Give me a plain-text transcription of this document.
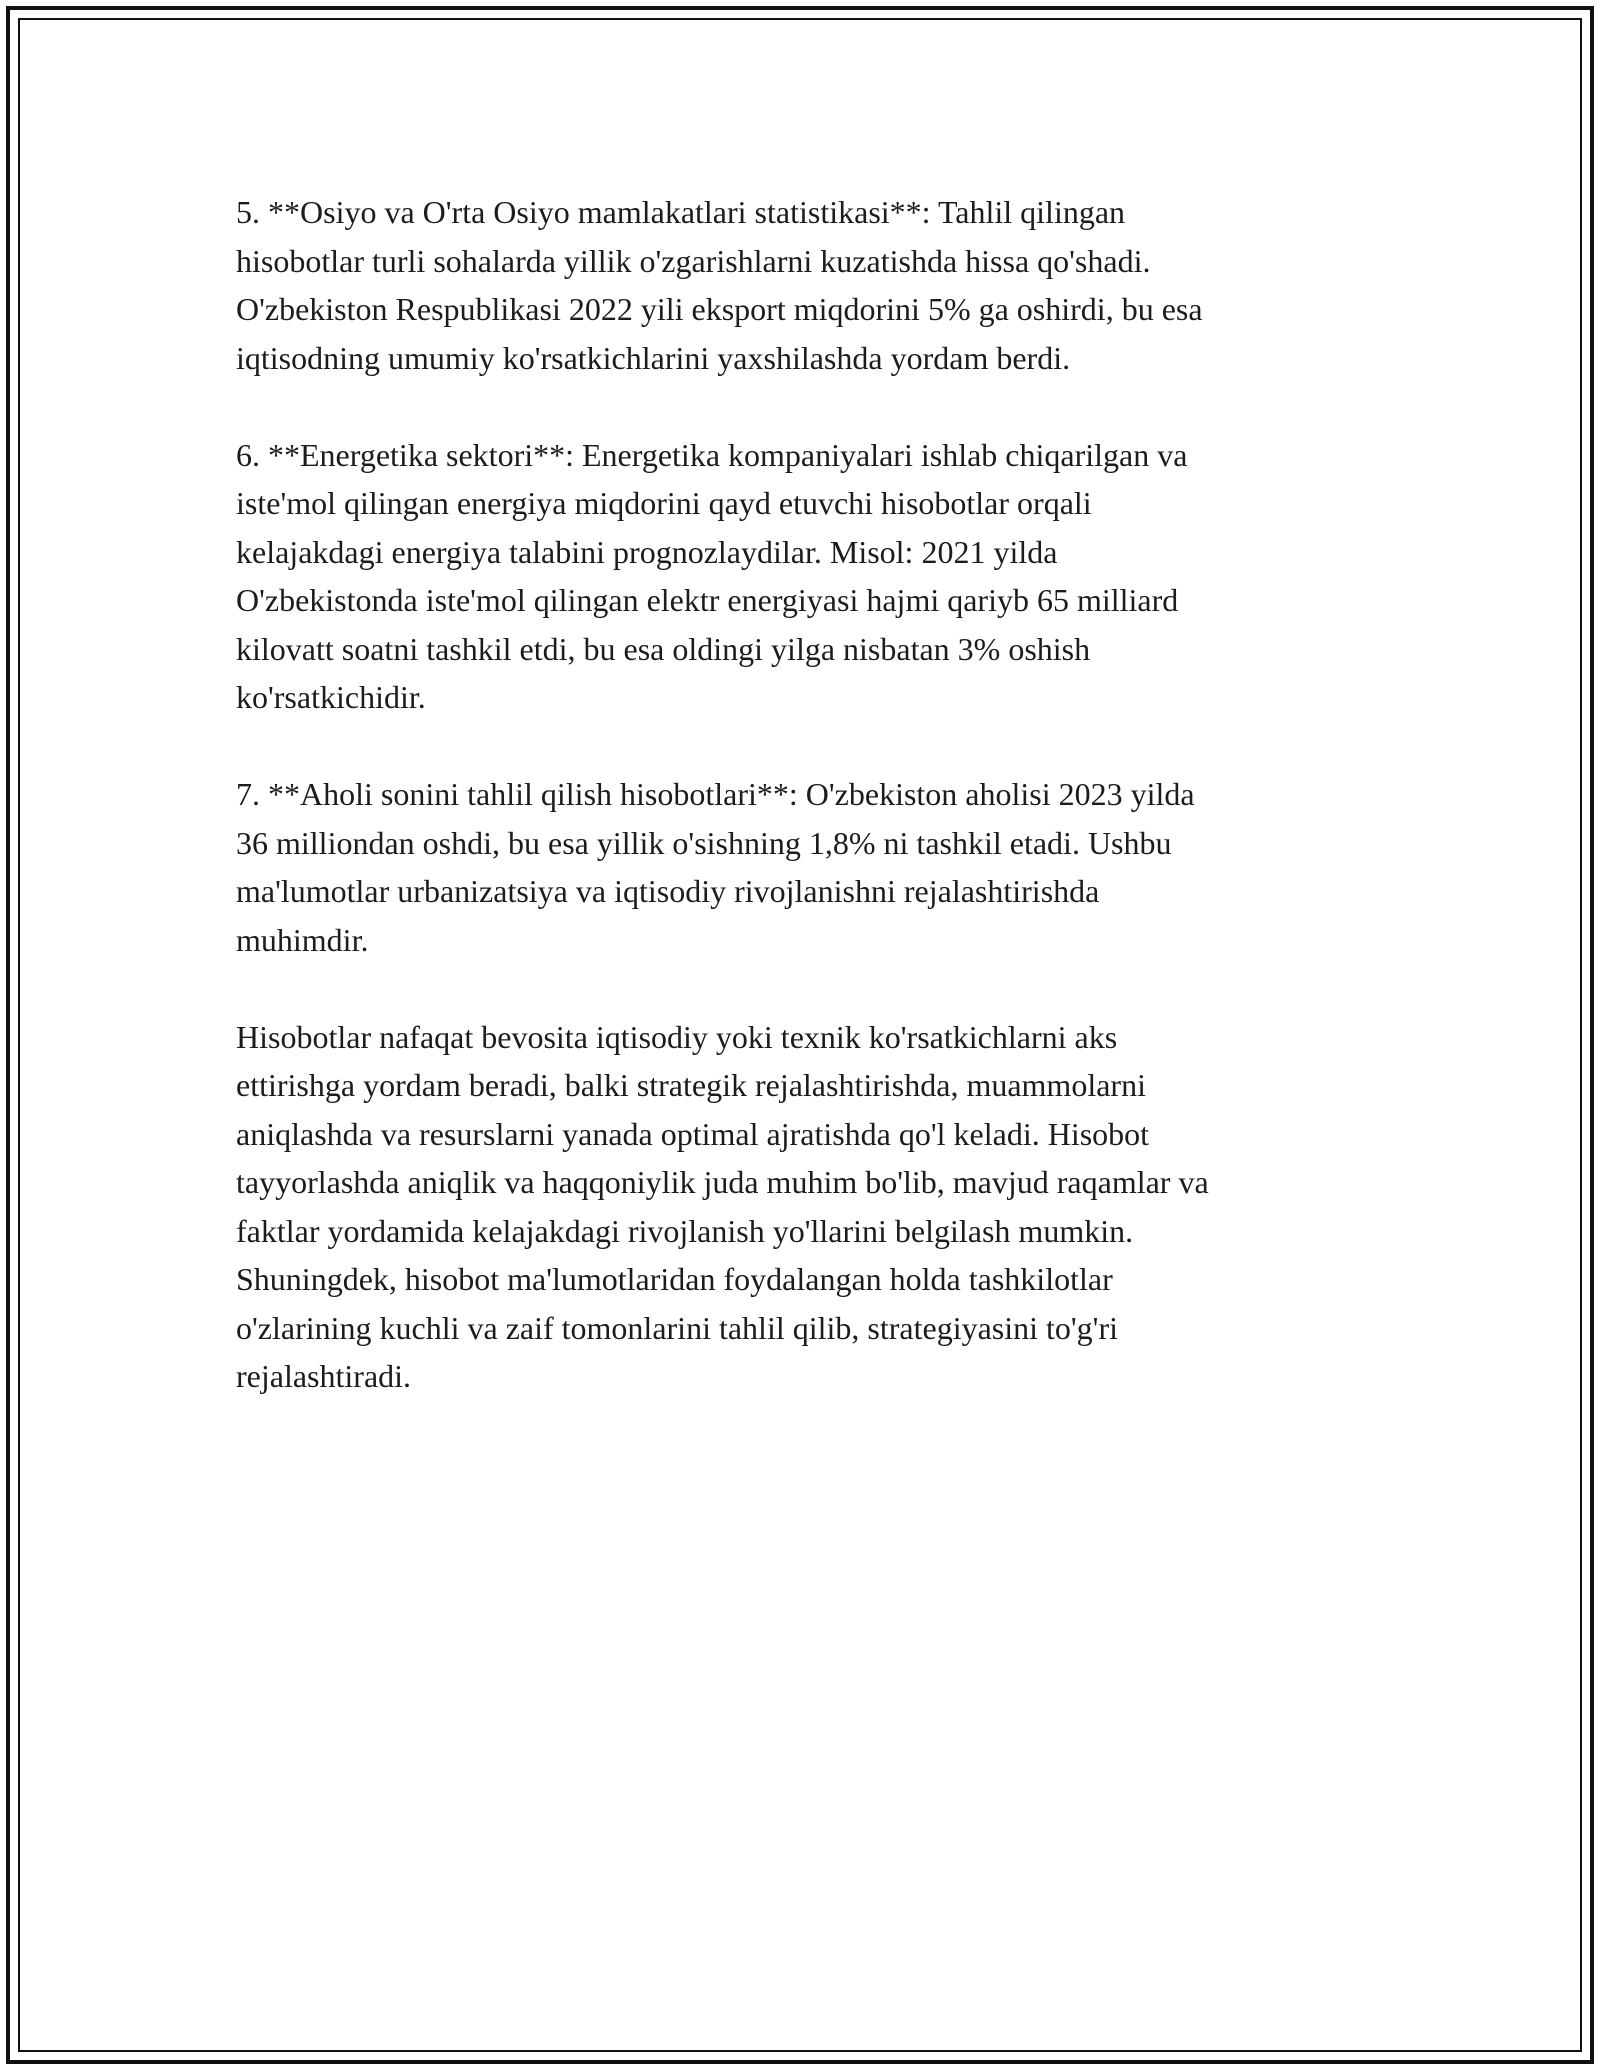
5. **Osiyo va O'rta Osiyo mamlakatlari statistikasi**: Tahlil qilingan
hisobotlar turli sohalarda yillik o'zgarishlarni kuzatishda hissa qo'shadi.
O'zbekiston Respublikasi 2022 yili eksport miqdorini 5% ga oshirdi, bu esa
iqtisodning umumiy ko'rsatkichlarini yaxshilashda yordam berdi.

6. **Energetika sektori**: Energetika kompaniyalari ishlab chiqarilgan va
iste'mol qilingan energiya miqdorini qayd etuvchi hisobotlar orqali
kelajakdagi energiya talabini prognozlaydilar. Misol: 2021 yilda
O'zbekistonda iste'mol qilingan elektr energiyasi hajmi qariyb 65 milliard
kilovatt soatni tashkil etdi, bu esa oldingi yilga nisbatan 3% oshish
ko'rsatkichidir.

7. **Aholi sonini tahlil qilish hisobotlari**: O'zbekiston aholisi 2023 yilda
36 milliondan oshdi, bu esa yillik o'sishning 1,8% ni tashkil etadi. Ushbu
ma'lumotlar urbanizatsiya va iqtisodiy rivojlanishni rejalashtirishda
muhimdir.

Hisobotlar nafaqat bevosita iqtisodiy yoki texnik ko'rsatkichlarni aks
ettirishga yordam beradi, balki strategik rejalashtirishda, muammolarni
aniqlashda va resurslarni yanada optimal ajratishda qo'l keladi. Hisobot
tayyorlashda aniqlik va haqqoniylik juda muhim bo'lib, mavjud raqamlar va
faktlar yordamida kelajakdagi rivojlanish yo'llarini belgilash mumkin.
Shuningdek, hisobot ma'lumotlaridan foydalangan holda tashkilotlar
o'zlarining kuchli va zaif tomonlarini tahlil qilib, strategiyasini to'g'ri
rejalashtiradi.
